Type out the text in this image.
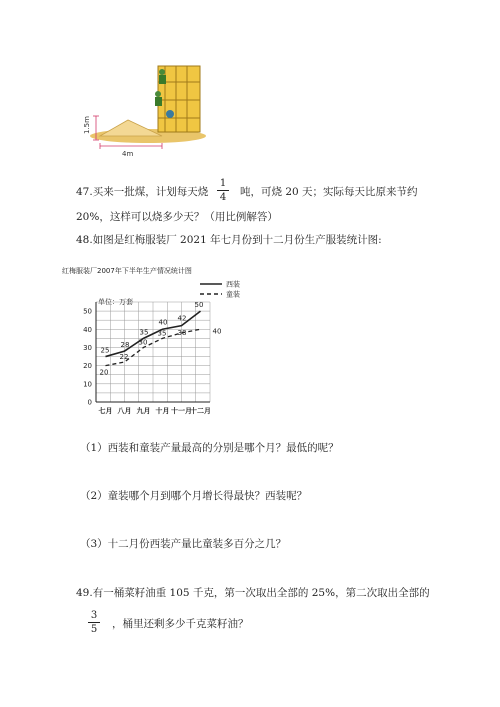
1.5m
4m
47.买来一批煤，计划每天烧
1
4 吨，可烧 20 天；实际每天比原来节约
20%，这样可以烧多少天？（用比例解答）
48.如图是红梅服装厂 2021 年七月份到十二月份生产服装统计图:
红梅服装厂2007年下半年生产情况统计图
单位：万套
0
10
20
30
40
50
七月 八月 九月 十月 十一月
十二月
25
28
35
40 42
50
20
22
30
35 38	40
西装
童装
（1）西装和童装产量最高的分别是哪个月？最低的呢？
（2）童装哪个月到哪个月增长得最快？西装呢？
（3）十二月份西装产量比童装多百分之几？
49.有一桶菜籽油重 105 千克，第一次取出全部的 25%，第二次取出全部的
3
5 ，桶里还剩多少千克菜籽油？
